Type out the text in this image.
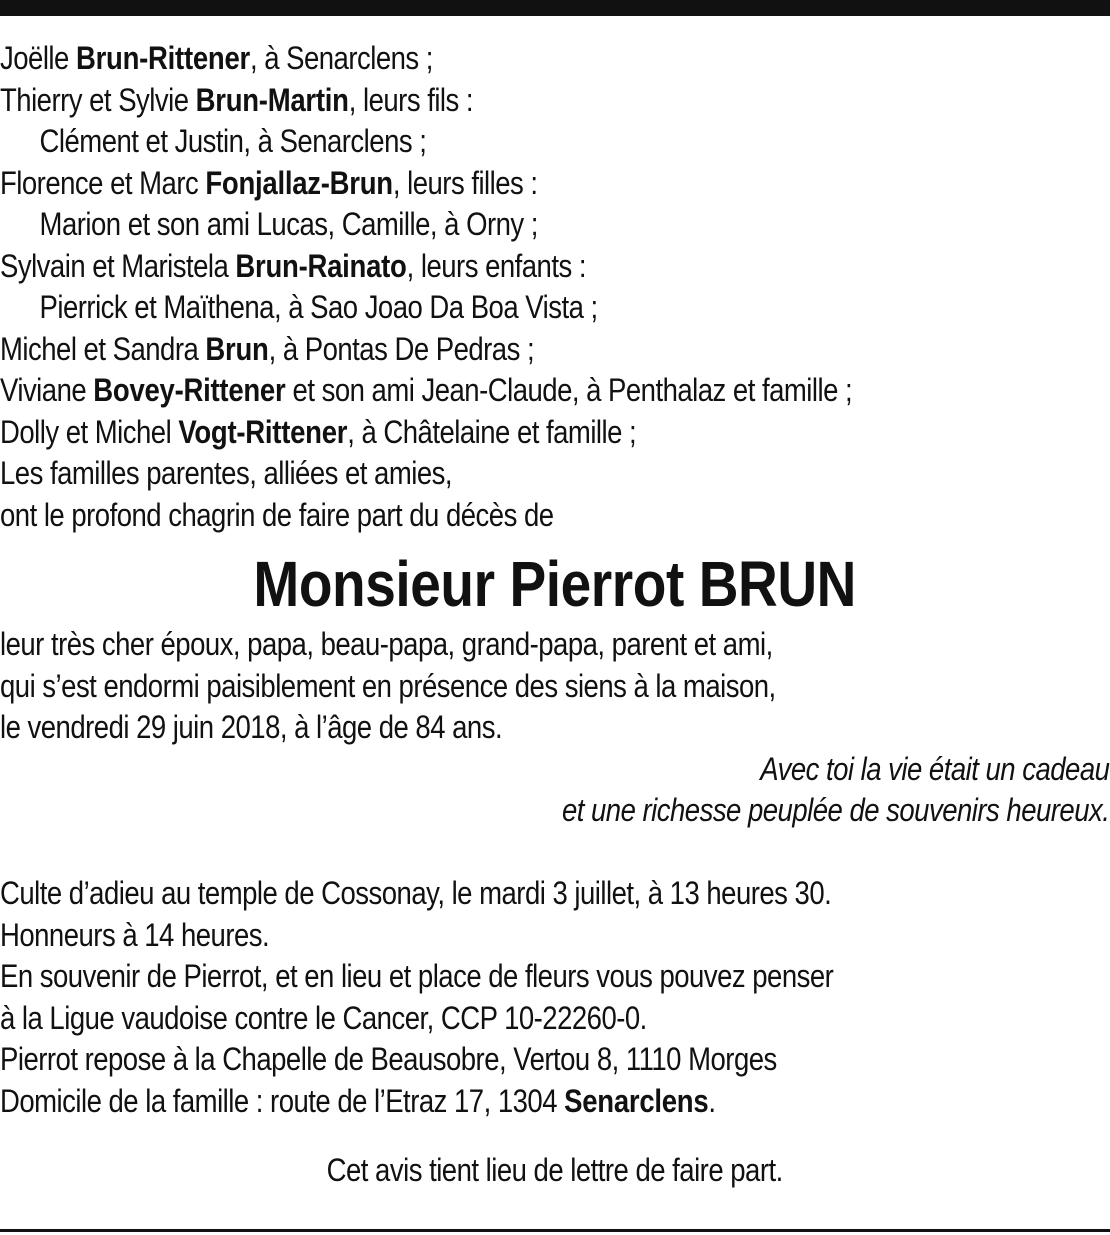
Joëlle Brun-Rittener, à Senarclens ;
Thierry et Sylvie Brun-Martin, leurs fils :
Clément et Justin, à Senarclens ;
Florence et Marc Fonjallaz-Brun, leurs filles :
Marion et son ami Lucas, Camille, à Orny ;
Sylvain et Maristela Brun-Rainato, leurs enfants :
Pierrick et Maïthena, à Sao Joao Da Boa Vista ;
Michel et Sandra Brun, à Pontas De Pedras ;
Viviane Bovey-Rittener et son ami Jean-Claude, à Penthalaz et famille ;
Dolly et Michel Vogt-Rittener, à Châtelaine et famille ;
Les familles parentes, alliées et amies,
ont le profond chagrin de faire part du décès de
Monsieur Pierrot BRUN
leur très cher époux, papa, beau-papa, grand-papa, parent et ami,
qui s’est endormi paisiblement en présence des siens à la maison,
le vendredi 29 juin 2018, à l’âge de 84 ans.
Avec toi la vie était un cadeau
et une richesse peuplée de souvenirs heureux.
Culte d’adieu au temple de Cossonay, le mardi 3 juillet, à 13 heures 30.
Honneurs à 14 heures.
En souvenir de Pierrot, et en lieu et place de fleurs vous pouvez penser
à la Ligue vaudoise contre le Cancer, CCP 10-22260-0.
Pierrot repose à la Chapelle de Beausobre, Vertou 8, 1110 Morges
Domicile de la famille : route de l’Etraz 17, 1304 Senarclens.
Cet avis tient lieu de lettre de faire part.
